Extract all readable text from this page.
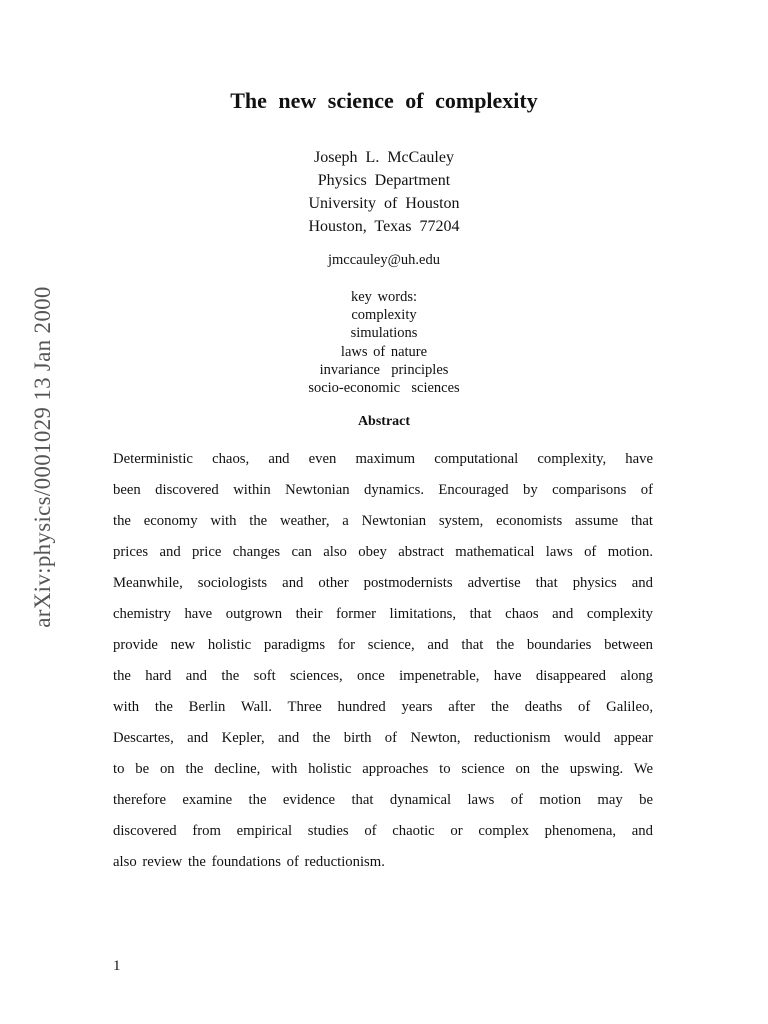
arXiv:physics/0001029 13 Jan 2000
The new science of complexity
Joseph L. McCauley
Physics Department
University of Houston
Houston, Texas 77204
jmccauley@uh.edu
key words:
complexity
simulations
laws of nature
invariance  principles
socio-economic  sciences
Abstract
Deterministic chaos, and even maximum computational complexity, have
been discovered within Newtonian dynamics. Encouraged by comparisons of
the economy with the weather, a Newtonian system, economists assume that
prices and price changes can also obey abstract mathematical laws of motion.
Meanwhile, sociologists and other postmodernists advertise that physics and
chemistry have outgrown their former limitations, that chaos and complexity
provide new holistic paradigms for science, and that the boundaries between
the hard and the soft sciences, once impenetrable, have disappeared along
with the Berlin Wall. Three hundred years after the deaths of Galileo,
Descartes, and Kepler, and the birth of Newton, reductionism would appear
to be on the decline, with holistic approaches to science on the upswing. We
therefore examine the evidence that dynamical laws of motion may be
discovered from empirical studies of chaotic or complex phenomena, and
also review the foundations of reductionism.
1
